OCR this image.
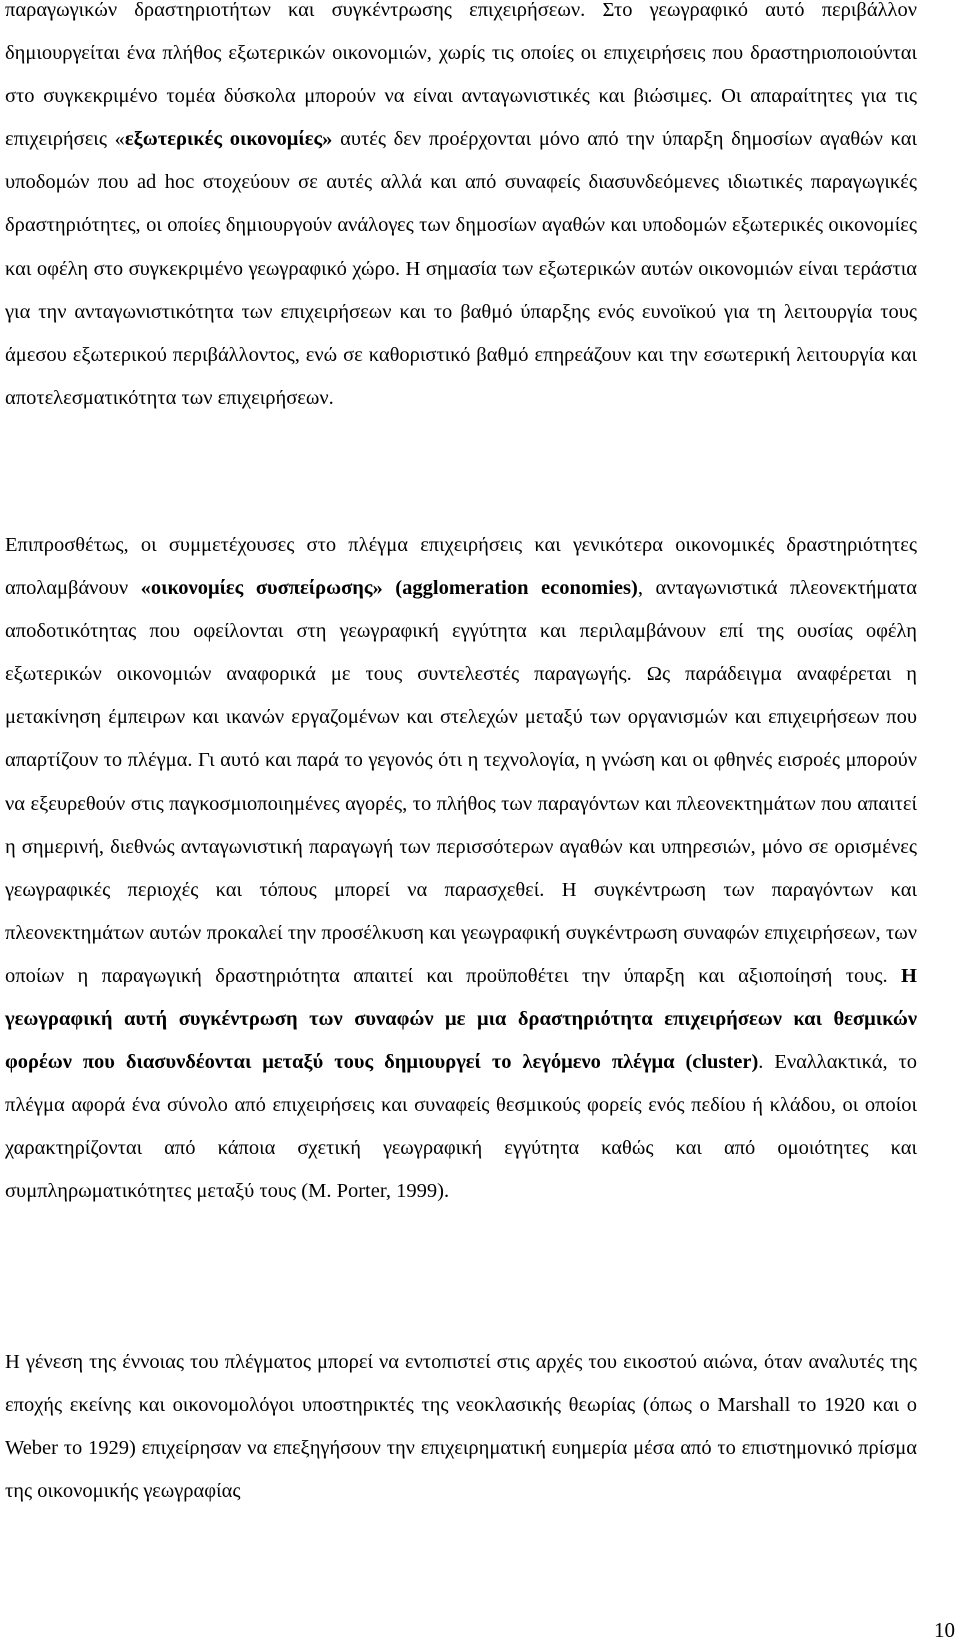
παραγωγικών δραστηριοτήτων και συγκέντρωσης επιχειρήσεων. Στο γεωγραφικό αυτό περιβάλλον δημιουργείται ένα πλήθος εξωτερικών οικονομιών, χωρίς τις οποίες οι επιχειρήσεις που δραστηριοποιούνται στο συγκεκριμένο τομέα δύσκολα μπορούν να είναι ανταγωνιστικές και βιώσιμες. Οι απαραίτητες για τις επιχειρήσεις «εξωτερικές οικονομίες» αυτές δεν προέρχονται μόνο από την ύπαρξη δημοσίων αγαθών και υποδομών που ad hoc στοχεύουν σε αυτές αλλά και από συναφείς διασυνδεόμενες ιδιωτικές παραγωγικές δραστηριότητες, οι οποίες δημιουργούν ανάλογες των δημοσίων αγαθών και υποδομών εξωτερικές οικονομίες και οφέλη στο συγκεκριμένο γεωγραφικό χώρο. Η σημασία των εξωτερικών αυτών οικονομιών είναι τεράστια για την ανταγωνιστικότητα των επιχειρήσεων και το βαθμό ύπαρξης ενός ευνοϊκού για τη λειτουργία τους άμεσου εξωτερικού περιβάλλοντος, ενώ σε καθοριστικό βαθμό επηρεάζουν και την εσωτερική λειτουργία και αποτελεσματικότητα των επιχειρήσεων.

Επιπροσθέτως, οι συμμετέχουσες στο πλέγμα επιχειρήσεις και γενικότερα οικονομικές δραστηριότητες απολαμβάνουν «οικονομίες συσπείρωσης» (agglomeration economies), ανταγωνιστικά πλεονεκτήματα αποδοτικότητας που οφείλονται στη γεωγραφική εγγύτητα και περιλαμβάνουν επί της ουσίας οφέλη εξωτερικών οικονομιών αναφορικά με τους συντελεστές παραγωγής. Ως παράδειγμα αναφέρεται η μετακίνηση έμπειρων και ικανών εργαζομένων και στελεχών μεταξύ των οργανισμών και επιχειρήσεων που απαρτίζουν το πλέγμα. Γι αυτό και παρά το γεγονός ότι η τεχνολογία, η γνώση και οι φθηνές εισροές μπορούν να εξευρεθούν στις παγκοσμιοποιημένες αγορές, το πλήθος των παραγόντων και πλεονεκτημάτων που απαιτεί η σημερινή, διεθνώς ανταγωνιστική παραγωγή των περισσότερων αγαθών και υπηρεσιών, μόνο σε ορισμένες γεωγραφικές περιοχές και τόπους μπορεί να παρασχεθεί. Η συγκέντρωση των παραγόντων και πλεονεκτημάτων αυτών προκαλεί την προσέλκυση και γεωγραφική συγκέντρωση συναφών επιχειρήσεων, των οποίων η παραγωγική δραστηριότητα απαιτεί και προϋποθέτει την ύπαρξη και αξιοποίησή τους. Η γεωγραφική αυτή συγκέντρωση των συναφών με μια δραστηριότητα επιχειρήσεων και θεσμικών φορέων που διασυνδέονται μεταξύ τους δημιουργεί το λεγόμενο πλέγμα (cluster). Εναλλακτικά, το πλέγμα αφορά ένα σύνολο από επιχειρήσεις και συναφείς θεσμικούς φορείς ενός πεδίου ή κλάδου, οι οποίοι χαρακτηρίζονται από κάποια σχετική γεωγραφική εγγύτητα καθώς και από ομοιότητες και συμπληρωματικότητες μεταξύ τους (M. Porter, 1999).

Η γένεση της έννοιας του πλέγματος μπορεί να εντοπιστεί στις αρχές του εικοστού αιώνα, όταν αναλυτές της εποχής εκείνης και οικονομολόγοι υποστηρικτές της νεοκλασικής θεωρίας (όπως ο Marshall το 1920 και ο Weber το 1929) επιχείρησαν να επεξηγήσουν την επιχειρηματική ευημερία μέσα από το επιστημονικό πρίσμα της οικονομικής γεωγραφίας

10
